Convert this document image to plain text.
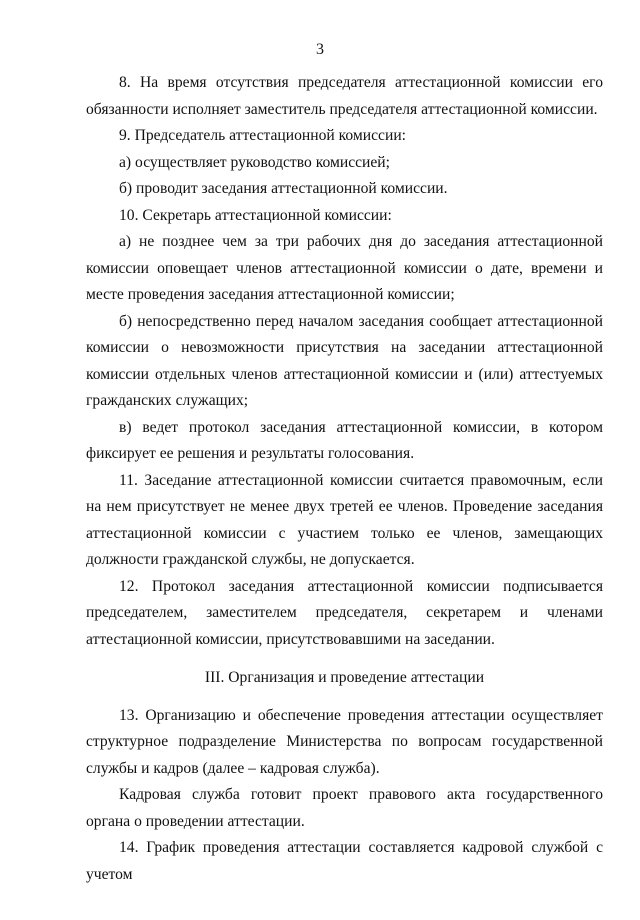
3

8. На время отсутствия председателя аттестационной комиссии его обязанности исполняет заместитель председателя аттестационной комиссии.

9. Председатель аттестационной комиссии:

а) осуществляет руководство комиссией;

б) проводит заседания аттестационной комиссии.

10. Секретарь аттестационной комиссии:

а) не позднее чем за три рабочих дня до заседания аттестационной комиссии оповещает членов аттестационной комиссии о дате, времени и месте проведения заседания аттестационной комиссии;

б) непосредственно перед началом заседания сообщает аттестационной комиссии о невозможности присутствия на заседании аттестационной комиссии отдельных членов аттестационной комиссии и (или) аттестуемых гражданских служащих;

в) ведет протокол заседания аттестационной комиссии, в котором фиксирует ее решения и результаты голосования.

11. Заседание аттестационной комиссии считается правомочным, если на нем присутствует не менее двух третей ее членов. Проведение заседания аттестационной комиссии с участием только ее членов, замещающих должности гражданской службы, не допускается.

12. Протокол заседания аттестационной комиссии подписывается председателем, заместителем председателя, секретарем и членами аттестационной комиссии, присутствовавшими на заседании.

III. Организация и проведение аттестации

13. Организацию и обеспечение проведения аттестации осуществляет структурное подразделение Министерства по вопросам государственной службы и кадров (далее – кадровая служба).

Кадровая служба готовит проект правового акта государственного органа о проведении аттестации.

14. График проведения аттестации составляется кадровой службой с учетом
